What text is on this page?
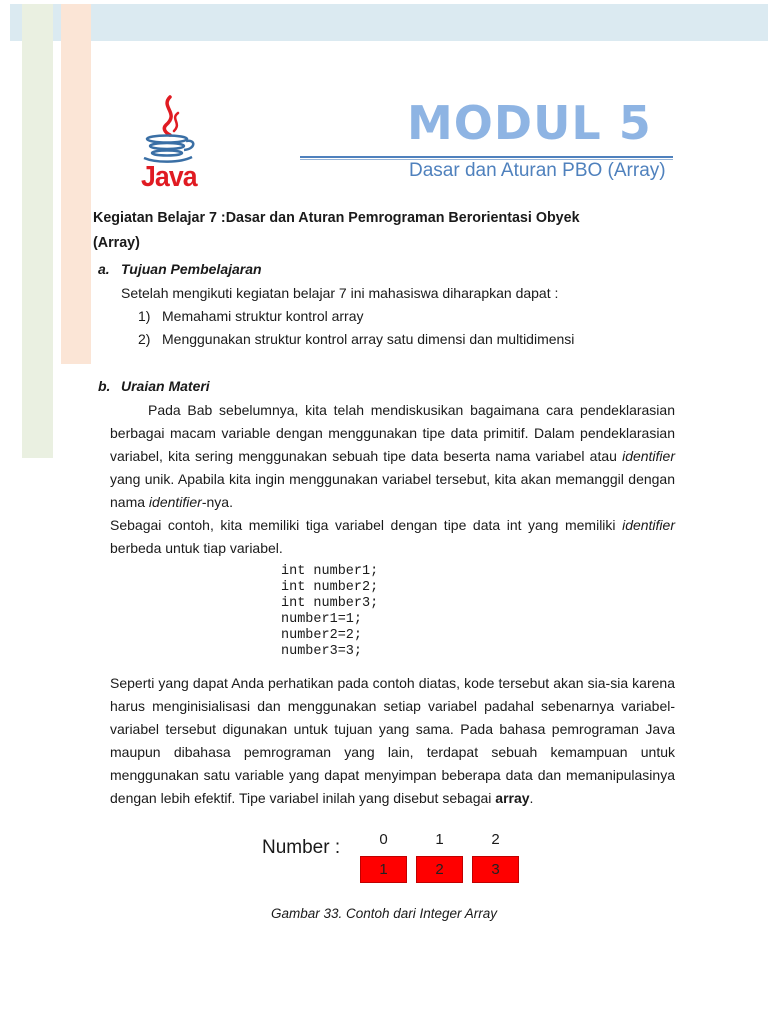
Java
MODUL 5
Dasar dan Aturan PBO (Array)
Kegiatan Belajar 7 :Dasar dan Aturan Pemrograman Berorientasi Obyek
(Array)
a. Tujuan Pembelajaran
Setelah mengikuti kegiatan belajar 7 ini mahasiswa diharapkan dapat :
1) Memahami struktur kontrol array
2) Menggunakan struktur kontrol array satu dimensi dan multidimensi
b. Uraian Materi

Pada Bab sebelumnya, kita telah mendiskusikan bagaimana cara pendeklarasian berbagai macam variable dengan menggunakan tipe data primitif. Dalam pendeklarasian variabel, kita sering menggunakan sebuah tipe data beserta nama variabel atau identifier yang unik. Apabila kita ingin menggunakan variabel tersebut, kita akan memanggil dengan nama identifier-nya.

Sebagai contoh, kita memiliki tiga variabel dengan tipe data int yang memiliki identifier berbeda untuk tiap variabel.

int number1;
int number2;
int number3;
number1=1;
number2=2;
number3=3;

Seperti yang dapat Anda perhatikan pada contoh diatas, kode tersebut akan sia-sia karena harus menginisialisasi dan menggunakan setiap variabel padahal sebenarnya variabel-variabel tersebut digunakan untuk tujuan yang sama. Pada bahasa pemrograman Java maupun dibahasa pemrograman yang lain, terdapat sebuah kemampuan untuk menggunakan satu variable yang dapat menyimpan beberapa data dan memanipulasinya dengan lebih efektif. Tipe variabel inilah yang disebut sebagai array.

Number :	0	1	2
1	2	3
Gambar 33. Contoh dari Integer Array
